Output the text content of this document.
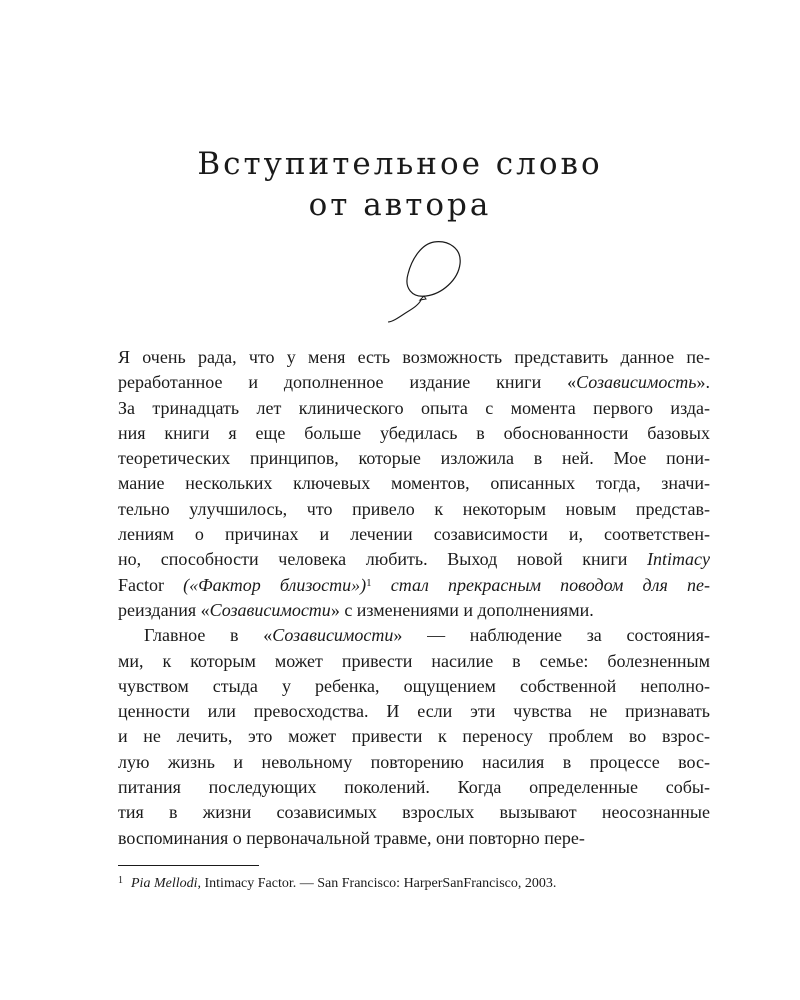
Вступительное слово
от автора
Я очень рада, что у меня есть возможность представить данное пе-
реработанное и дополненное издание книги «Созависимость».
За тринадцать лет клинического опыта с момента первого изда-
ния книги я еще больше убедилась в обоснованности базовых
теоретических принципов, которые изложила в ней. Мое пони-
мание нескольких ключевых моментов, описанных тогда, значи-
тельно улучшилось, что привело к некоторым новым представ-
лениям о причинах и лечении созависимости и, соответствен-
но, способности человека любить. Выход новой книги Intimacy
Factor («Фактор близости»)$^1$ стал прекрасным поводом для пе-
реиздания «Созависимости» с изменениями и дополнениями.
Главное в «Созависимости» — наблюдение за состояния-
ми, к которым может привести насилие в семье: болезненным
чувством стыда у ребенка, ощущением собственной неполно-
ценности или превосходства. И если эти чувства не признавать
и не лечить, это может привести к переносу проблем во взрос-
лую жизнь и невольному повторению насилия в процессе вос-
питания последующих поколений. Когда определенные собы-
тия в жизни созависимых взрослых вызывают неосознанные
воспоминания о первоначальной травме, они повторно пере-
$^1$ Pia Mellodi, Intimacy Factor. — San Francisco: HarperSanFrancisco, 2003.
